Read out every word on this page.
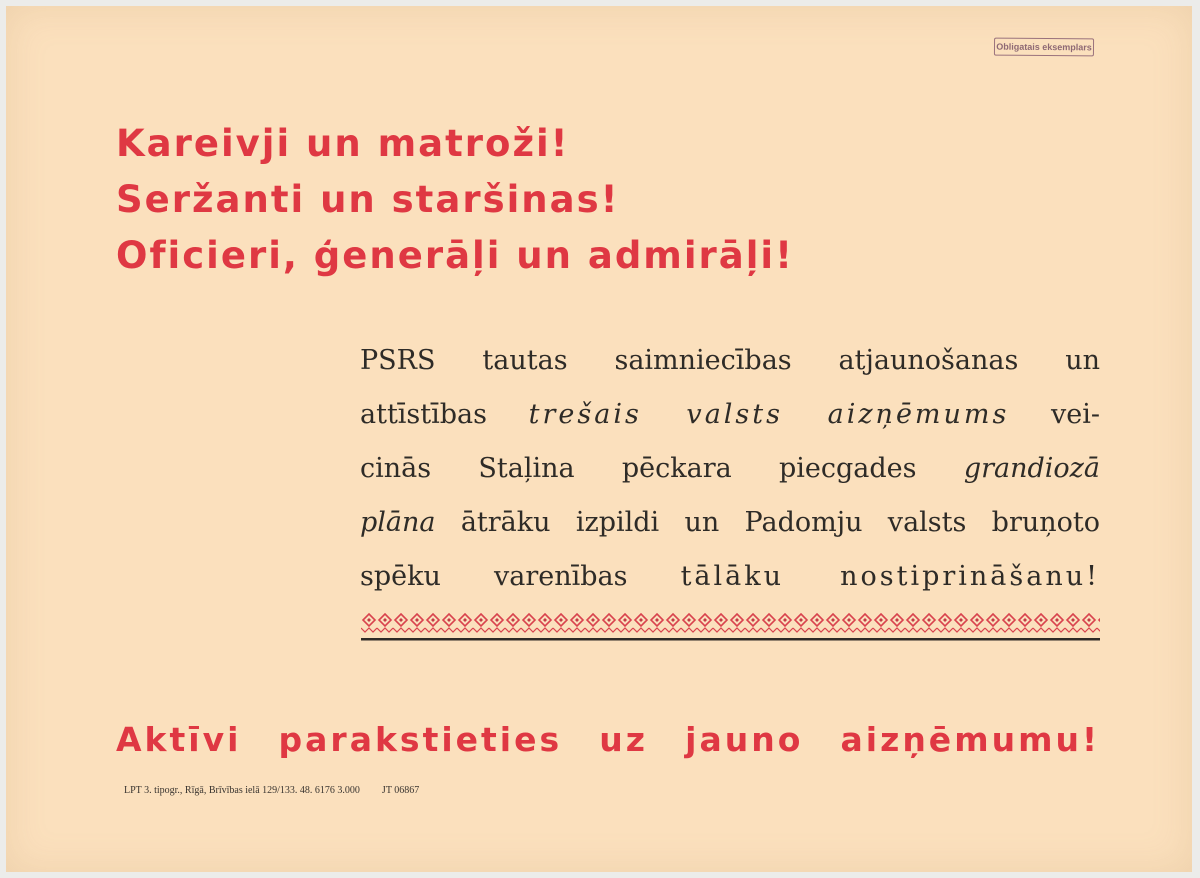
Obligatais eksemplars
Kareivji un matroži!
Seržanti un staršinas!
Oficieri, ģenerāļi un admirāļi!
PSRS tautas saimniecības atjaunošanas un
attīstības trešais valsts aizņēmums vei-
cinās Staļina pēckara piecgades grandiozā
plāna ātrāku izpildi un Padomju valsts bruņoto
spēku varenības tālāku nostiprināšanu!
Aktīvi parakstieties uz jauno aizņēmumu!
LPT 3. tipogr., Rīgā, Brīvības ielā 129/133. 48. 6176 3.000 JT 06867
